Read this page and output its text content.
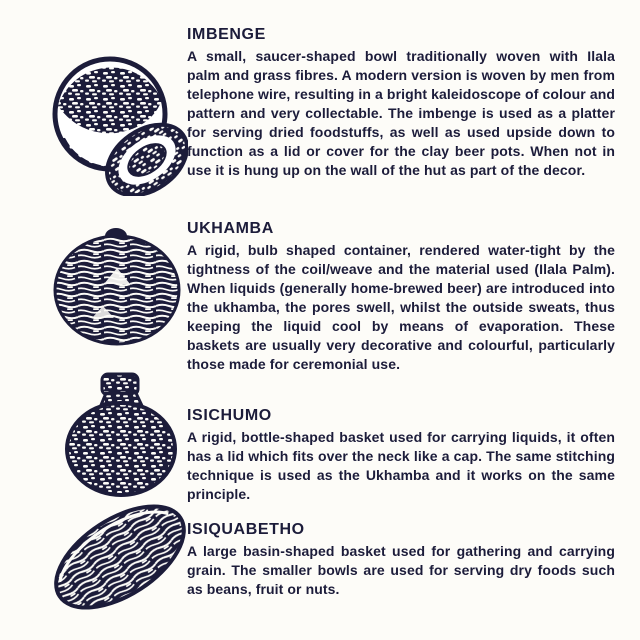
IMBENGE

A small, saucer-shaped bowl traditionally woven with Ilala palm and grass fibres. A modern version is woven by men from telephone wire, resulting in a bright kaleidoscope of colour and pattern and very collectable. The imbenge is used as a platter for serving dried foodstuffs, as well as used upside down to function as a lid or cover for the clay beer pots. When not in use it is hung up on the wall of the hut as part of the decor.

UKHAMBA

A rigid, bulb shaped container, rendered water-tight by the tightness of the coil/weave and the material used (Ilala Palm). When liquids (generally home-brewed beer) are introduced into the ukhamba, the pores swell, whilst the outside sweats, thus keeping the liquid cool by means of evaporation. These baskets are usually very decorative and colourful, particularly those made for ceremonial use.

ISICHUMO

A rigid, bottle-shaped basket used for carrying liquids, it often has a lid which fits over the neck like a cap. The same stitching technique is used as the Ukhamba and it works on the same principle.

ISIQUABETHO

A large basin-shaped basket used for gathering and carrying grain. The smaller bowls are used for serving dry foods such as beans, fruit or nuts.
